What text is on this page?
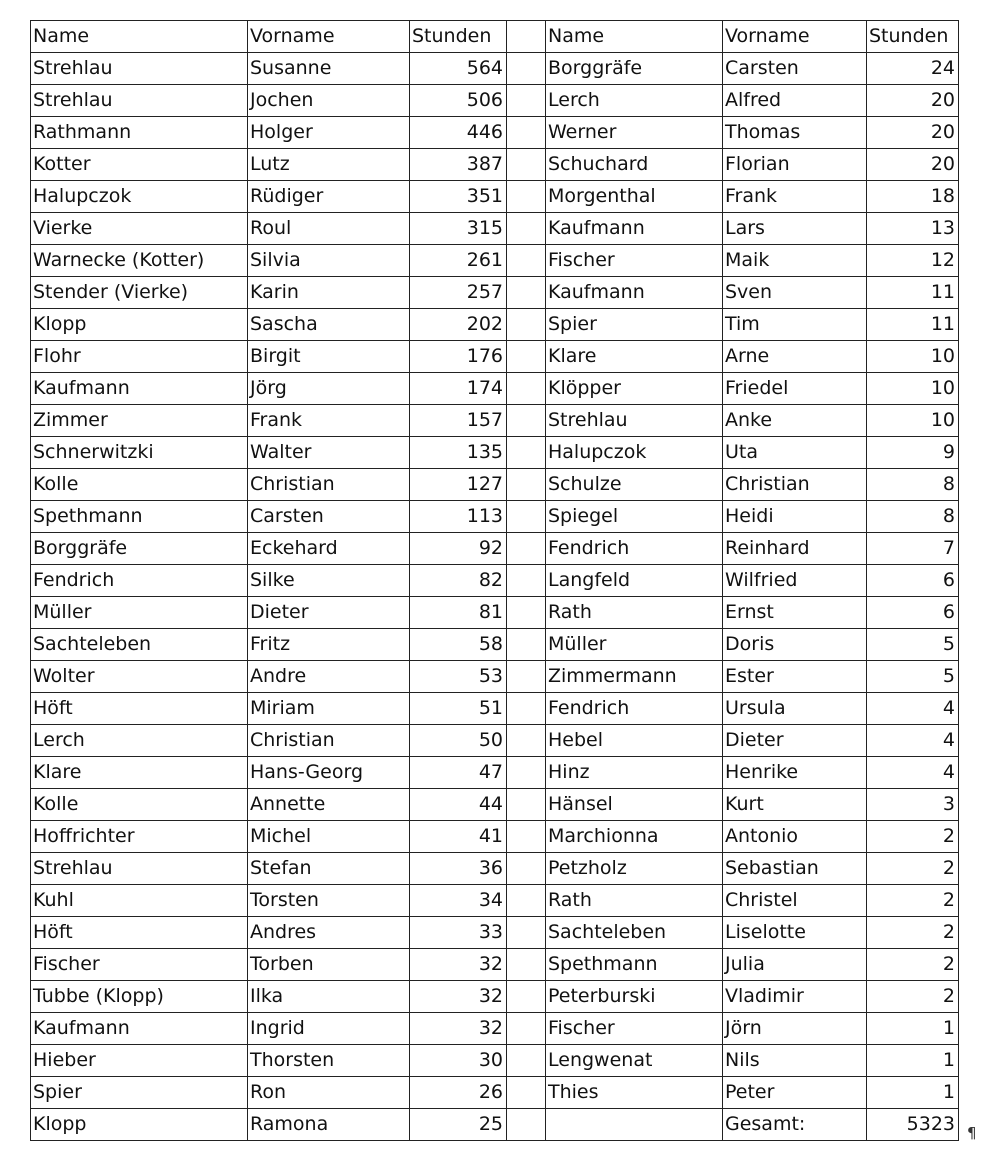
Name	Vorname	Stunden		Name	Vorname	Stunden
Strehlau	Susanne	564		Borggräfe	Carsten	24
Strehlau	Jochen	506		Lerch	Alfred	20
Rathmann	Holger	446		Werner	Thomas	20
Kotter	Lutz	387		Schuchard	Florian	20
Halupczok	Rüdiger	351		Morgenthal	Frank	18
Vierke	Roul	315		Kaufmann	Lars	13
Warnecke (Kotter)	Silvia	261		Fischer	Maik	12
Stender (Vierke)	Karin	257		Kaufmann	Sven	11
Klopp	Sascha	202		Spier	Tim	11
Flohr	Birgit	176		Klare	Arne	10
Kaufmann	Jörg	174		Klöpper	Friedel	10
Zimmer	Frank	157		Strehlau	Anke	10
Schnerwitzki	Walter	135		Halupczok	Uta	9
Kolle	Christian	127		Schulze	Christian	8
Spethmann	Carsten	113		Spiegel	Heidi	8
Borggräfe	Eckehard	92		Fendrich	Reinhard	7
Fendrich	Silke	82		Langfeld	Wilfried	6
Müller	Dieter	81		Rath	Ernst	6
Sachteleben	Fritz	58		Müller	Doris	5
Wolter	Andre	53		Zimmermann	Ester	5
Höft	Miriam	51		Fendrich	Ursula	4
Lerch	Christian	50		Hebel	Dieter	4
Klare	Hans-Georg	47		Hinz	Henrike	4
Kolle	Annette	44		Hänsel	Kurt	3
Hoffrichter	Michel	41		Marchionna	Antonio	2
Strehlau	Stefan	36		Petzholz	Sebastian	2
Kuhl	Torsten	34		Rath	Christel	2
Höft	Andres	33		Sachteleben	Liselotte	2
Fischer	Torben	32		Spethmann	Julia	2
Tubbe (Klopp)	Ilka	32		Peterburski	Vladimir	2
Kaufmann	Ingrid	32		Fischer	Jörn	1
Hieber	Thorsten	30		Lengwenat	Nils	1
Spier	Ron	26		Thies	Peter	1
Klopp	Ramona	25			Gesamt:	5323 ¶
